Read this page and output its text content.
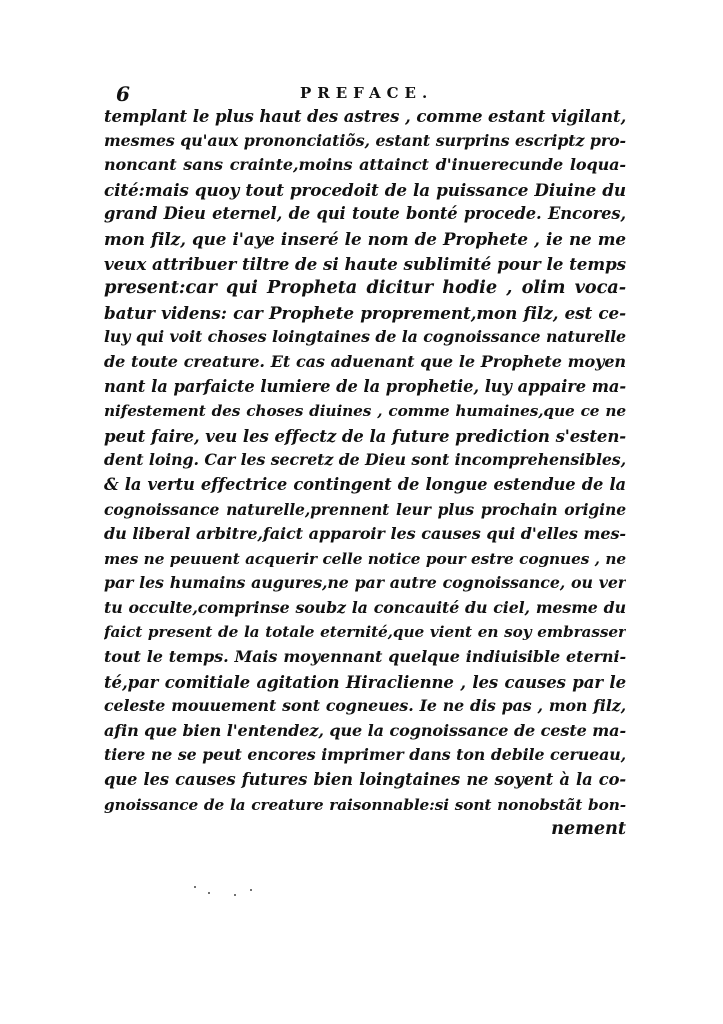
6	PREFACE.
templant le plus haut des astres , comme estant vigilant,
mesmes qu'aux prononciatiõs, estant surprins escriptz pro-
noncant sans crainte,moins attainct d'inuerecunde loqua-
cité:mais quoy tout procedoit de la puissance Diuine du
grand Dieu eternel, de qui toute bonté procede. Encores,
mon filz, que i'aye inseré le nom de Prophete , ie ne me
veux attribuer tiltre de si haute sublimité pour le temps
present:car qui Propheta dicitur hodie , olim voca-
batur videns: car Prophete proprement,mon filz, est ce-
luy qui voit choses loingtaines de la cognoissance naturelle
de toute creature. Et cas aduenant que le Prophete moyen
nant la parfaicte lumiere de la prophetie, luy appaire ma-
nifestement des choses diuines , comme humaines,que ce ne
peut faire, veu les effectz de la future prediction s'esten-
dent loing. Car les secretz de Dieu sont incomprehensibles,
& la vertu effectrice contingent de longue estendue de la
cognoissance naturelle,prennent leur plus prochain origine
du liberal arbitre,faict apparoir les causes qui d'elles mes-
mes ne peuuent acquerir celle notice pour estre cognues , ne
par les humains augures,ne par autre cognoissance, ou ver
tu occulte,comprinse soubz la concauité du ciel, mesme du
faict present de la totale eternité,que vient en soy embrasser
tout le temps. Mais moyennant quelque indiuisible eterni-
té,par comitiale agitation Hiraclienne , les causes par le
celeste mouuement sont cogneues. Ie ne dis pas , mon filz,
afin que bien l'entendez, que la cognoissance de ceste ma-
tiere ne se peut encores imprimer dans ton debile cerueau,
que les causes futures bien loingtaines ne soyent à la co-
gnoissance de la creature raisonnable:si sont nonobstãt bon-
nement
